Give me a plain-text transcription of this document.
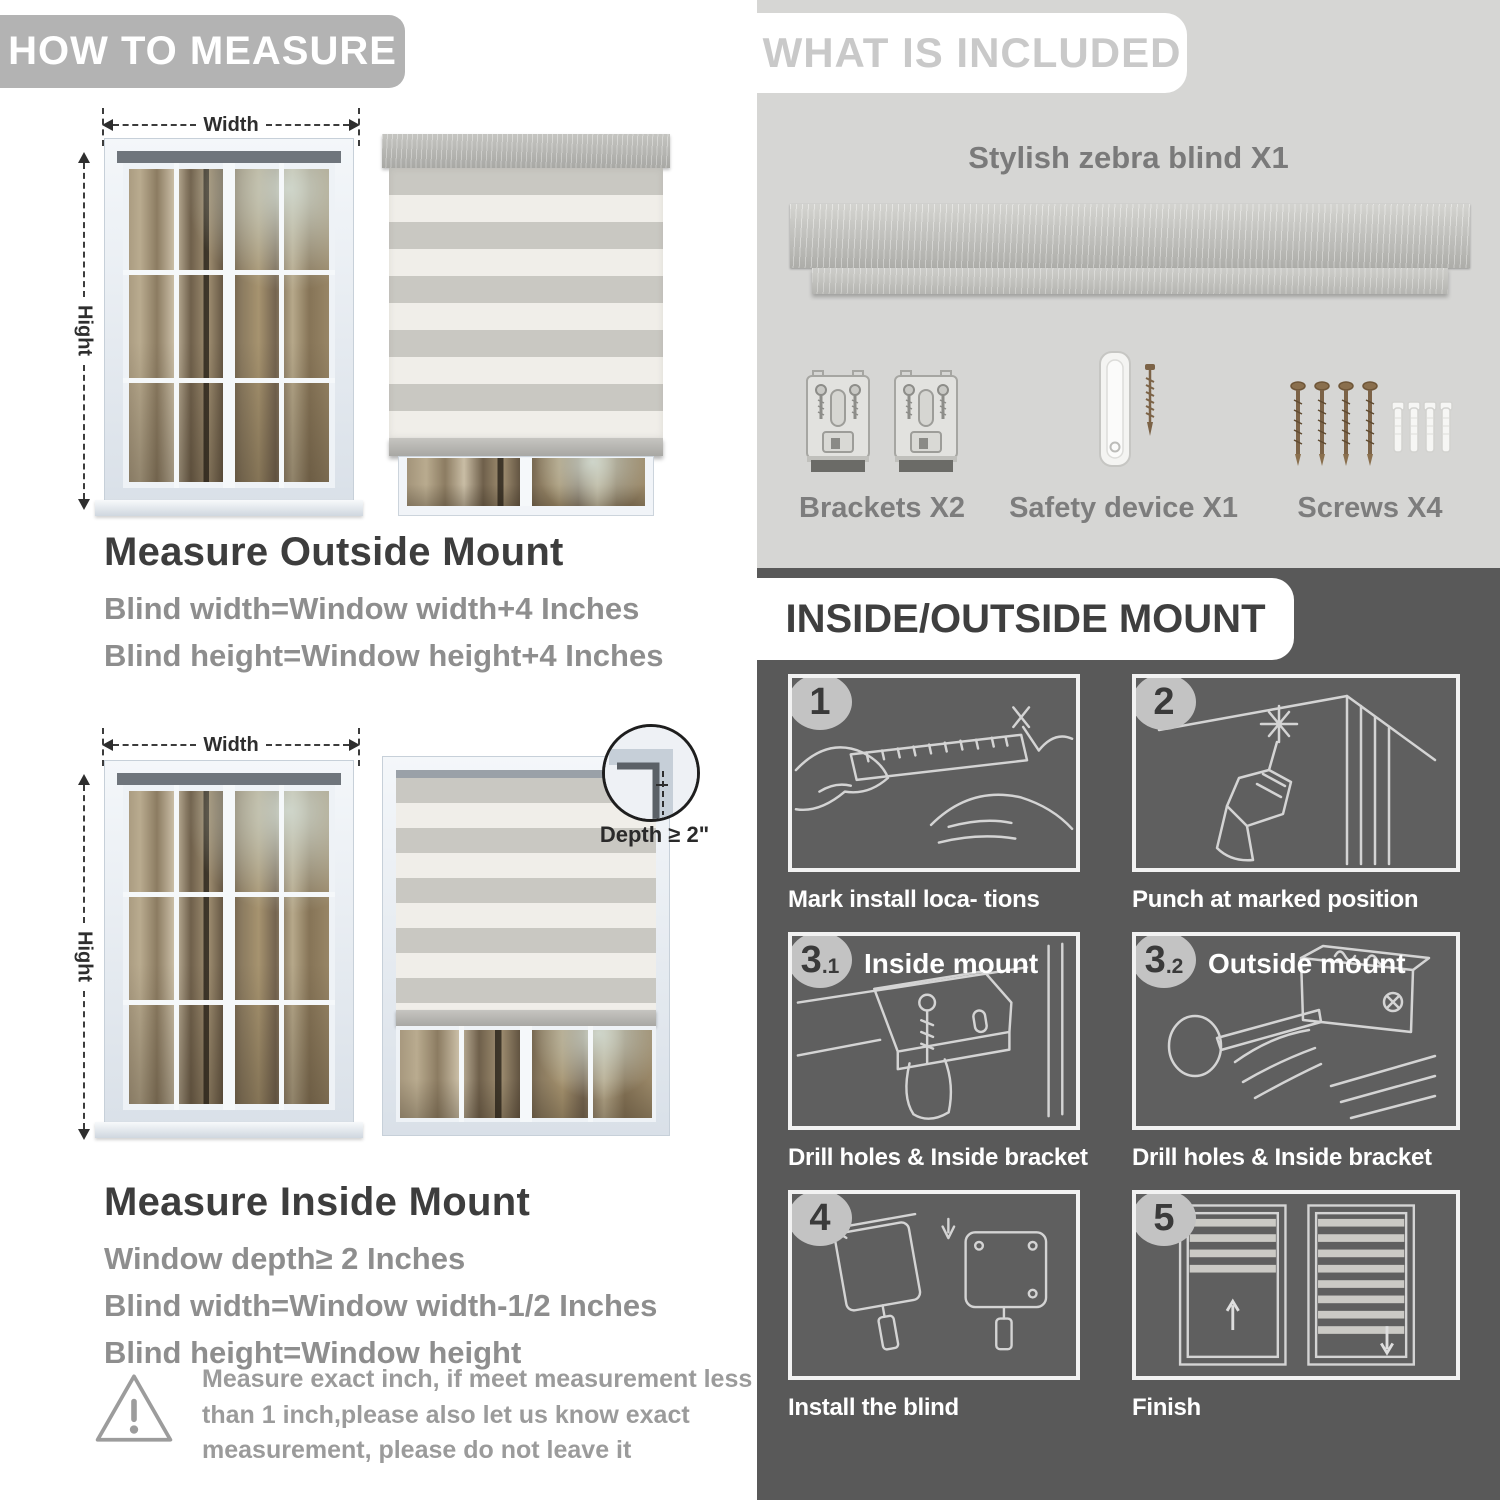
HOW TO MEASURE
Width
Hight
Measure Outside Mount

Blind width=Window width+4 Inches

Blind height=Window height+4 Inches

Width
Hight
Depth ≥ 2"
Measure Inside Mount

Window depth≥ 2 Inches

Blind width=Window width-1/2 Inches

Blind height=Window height

Measure exact inch, if meet measurement less
than 1 inch,please also let us know exact
measurement, please do not leave it
WHAT IS INCLUDED
Stylish zebra blind X1
Brackets X2 Safety device X1 Screws X4
INSIDE/OUTSIDE MOUNT
1
Mark install loca- tions
2
Punch at marked position
3 .1 Inside mount
Drill holes & Inside bracket
3 .2 Outside mount
Drill holes & Inside bracket
4
Install the blind
5
Finish
